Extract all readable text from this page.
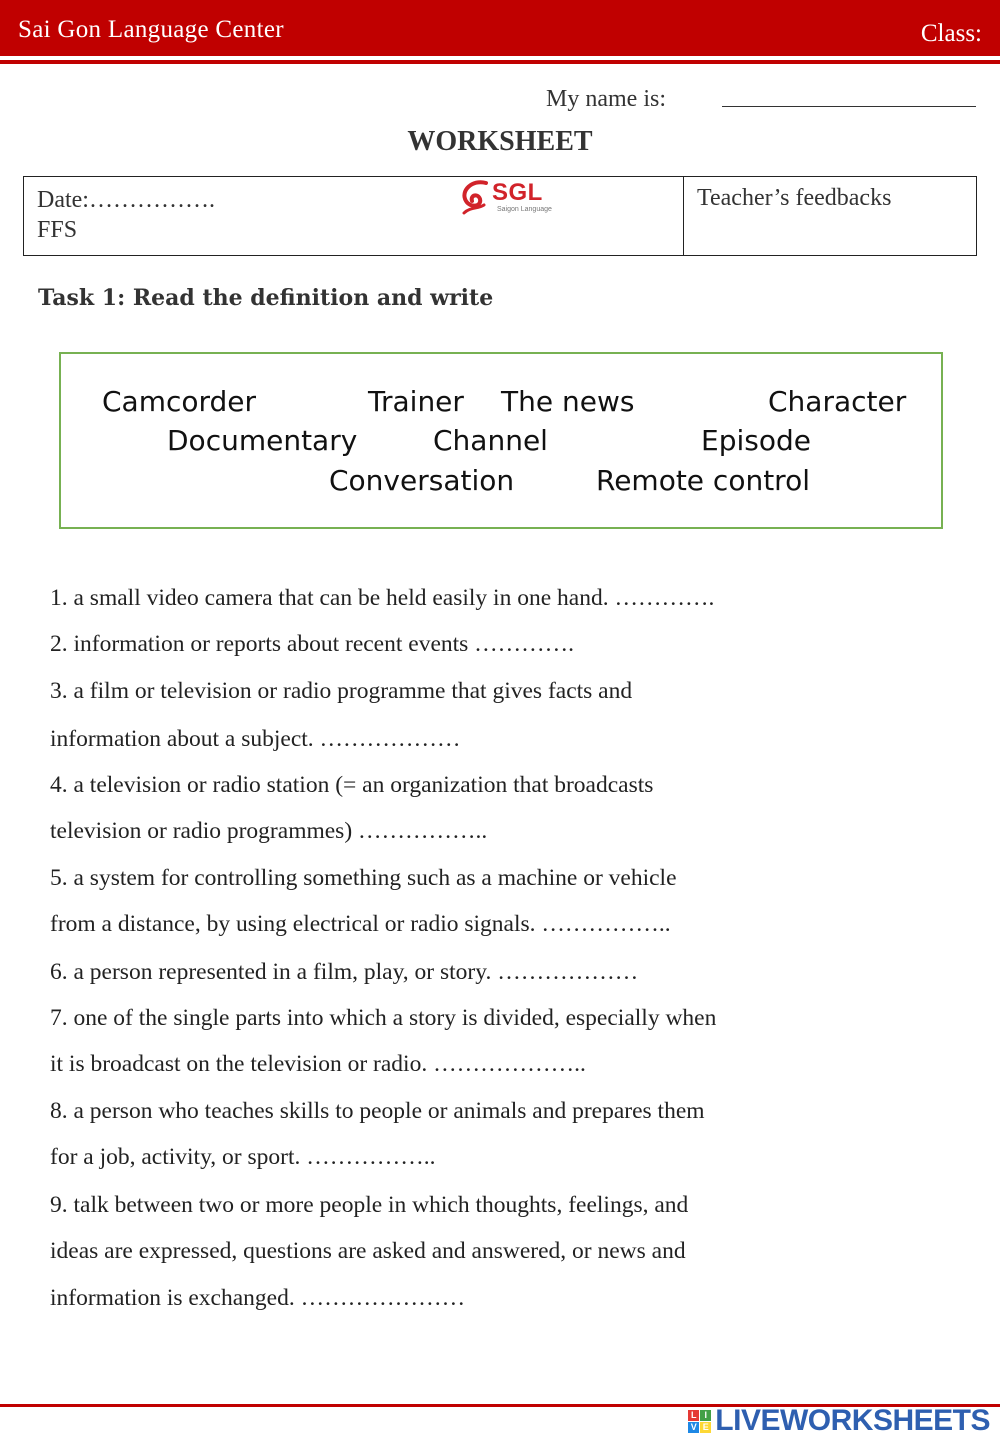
Sai Gon Language Center	Class:
My name is:
WORKSHEET
Date:…………….
FFS
SGL
Saigon Language	Teacher’s feedbacks
Task 1: Read the definition and write
Camcorder	Trainer The news	Character
Documentary	Channel	Episode
Conversation	Remote control
1. a small video camera that can be held easily in one hand. ………….
2. information or reports about recent events ………….
3. a film or television or radio programme that gives facts and
information about a subject. ………………
4. a television or radio station (= an organization that broadcasts
television or radio programmes) ……………..
5. a system for controlling something such as a machine or vehicle
from a distance, by using electrical or radio signals. ……………..
6. a person represented in a film, play, or story. ………………
7. one of the single parts into which a story is divided, especially when
it is broadcast on the television or radio. ………………..
8. a person who teaches skills to people or animals and prepares them
for a job, activity, or sport. ……………..
9. talk between two or more people in which thoughts, feelings, and
ideas are expressed, questions are asked and answered, or news and
information is exchanged. …………………
L I
V E LIVEWORKSHEETS
